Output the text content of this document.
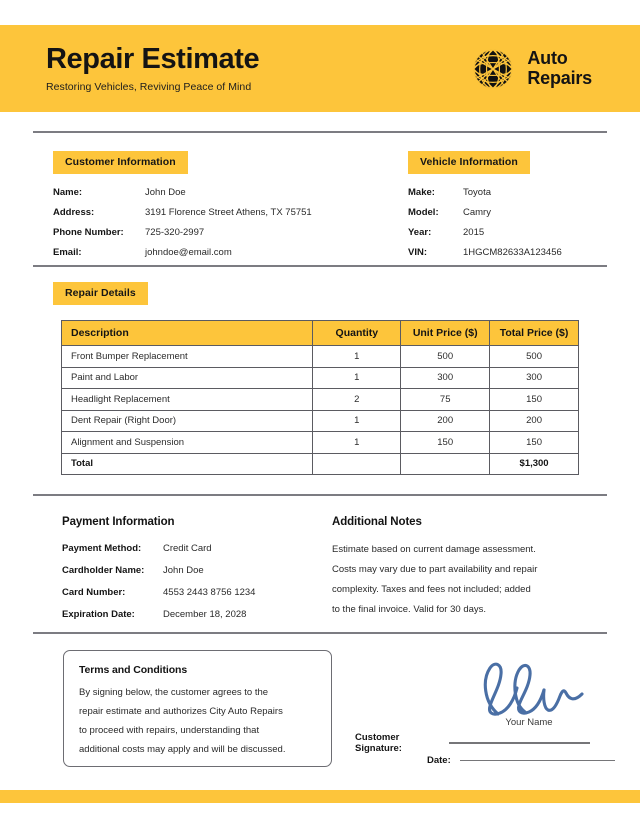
Repair Estimate
Restoring Vehicles, Reviving Peace of Mind
Auto
Repairs
Customer Information
Name:	John Doe
Address:	3191 Florence Street Athens, TX 75751
Phone Number:	725-320-2997
Email:	johndoe@email.com
Vehicle Information
Make:	Toyota
Model:	Camry
Year:	2015
VIN:	1HGCM82633A123456
Repair Details
Description	Quantity	Unit Price ($)	Total Price ($)
Front Bumper Replacement	1	500	500
Paint and Labor	1	300	300
Headlight Replacement	2	75	150
Dent Repair (Right Door)	1	200	200
Alignment and Suspension	1	150	150
Total			$1,300
Payment Information
Payment Method:	Credit Card
Cardholder Name:	John Doe
Card Number:	4553 2443 8756 1234
Expiration Date:	December 18, 2028
Additional Notes

Estimate based on current damage assessment.

Costs may vary due to part availability and repair

complexity. Taxes and fees not included; added

to the final invoice. Valid for 30 days.

Terms and Conditions

By signing below, the customer agrees to the

repair estimate and authorizes City Auto Repairs

to proceed with repairs, understanding that

additional costs may apply and will be discussed.

Your Name
Customer Signature:
Date:
